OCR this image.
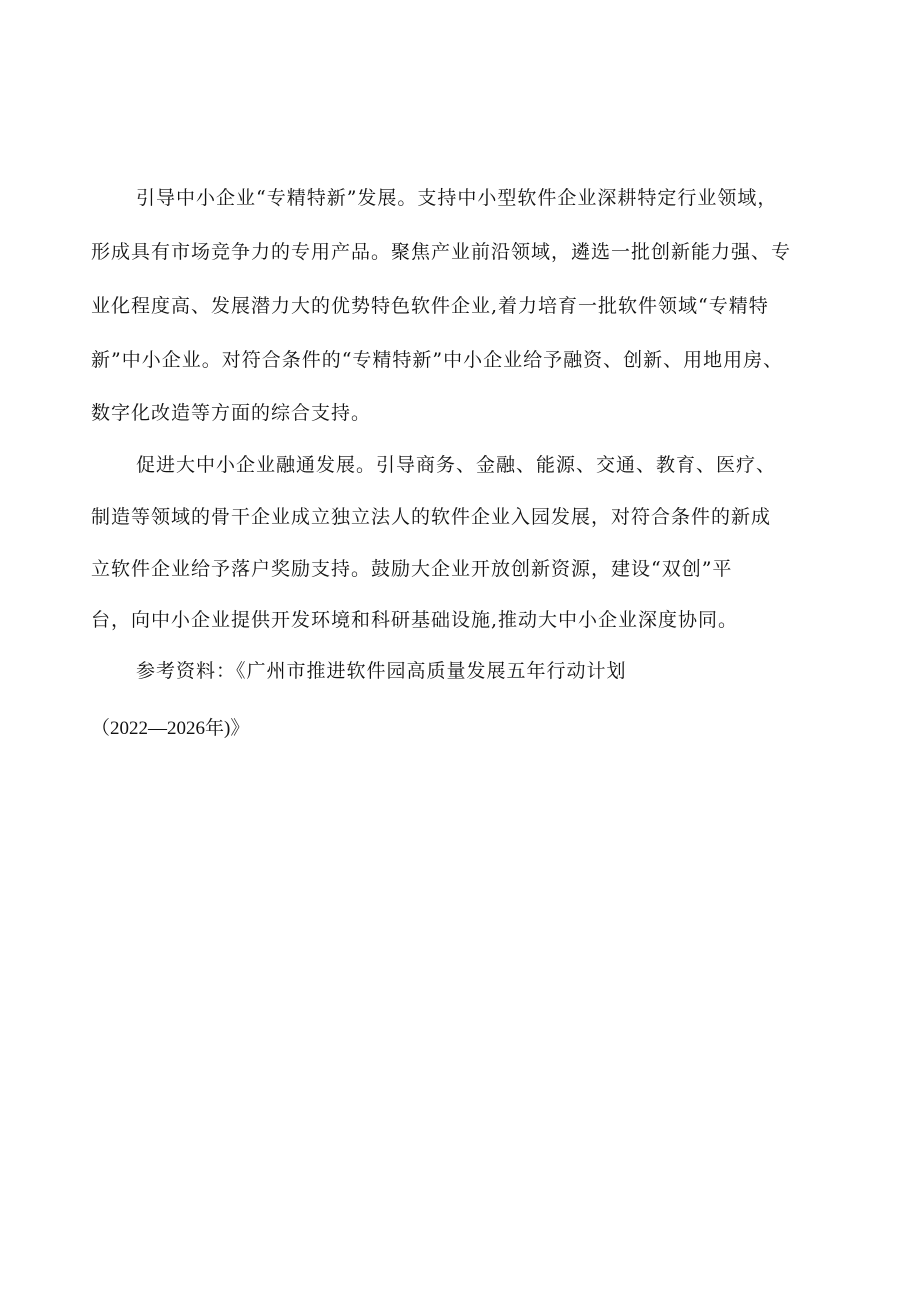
引导中小企业“专精特新”发展。支持中小型软件企业深耕特定行业领域，
形成具有市场竞争力的专用产品。聚焦产业前沿领域，遴选一批创新能力强、专
业化程度高、发展潜力大的优势特色软件企业,着力培育一批软件领域“专精特
新”中小企业。对符合条件的“专精特新”中小企业给予融资、创新、用地用房、
数字化改造等方面的综合支持。
促进大中小企业融通发展。引导商务、金融、能源、交通、教育、医疗、
制造等领域的骨干企业成立独立法人的软件企业入园发展，对符合条件的新成
立软件企业给予落户奖励支持。鼓励大企业开放创新资源，建设“双创”平
台，向中小企业提供开发环境和科研基础设施,推动大中小企业深度协同。
参考资料：《广州市推进软件园高质量发展五年行动计划
（2022—2026年)》
